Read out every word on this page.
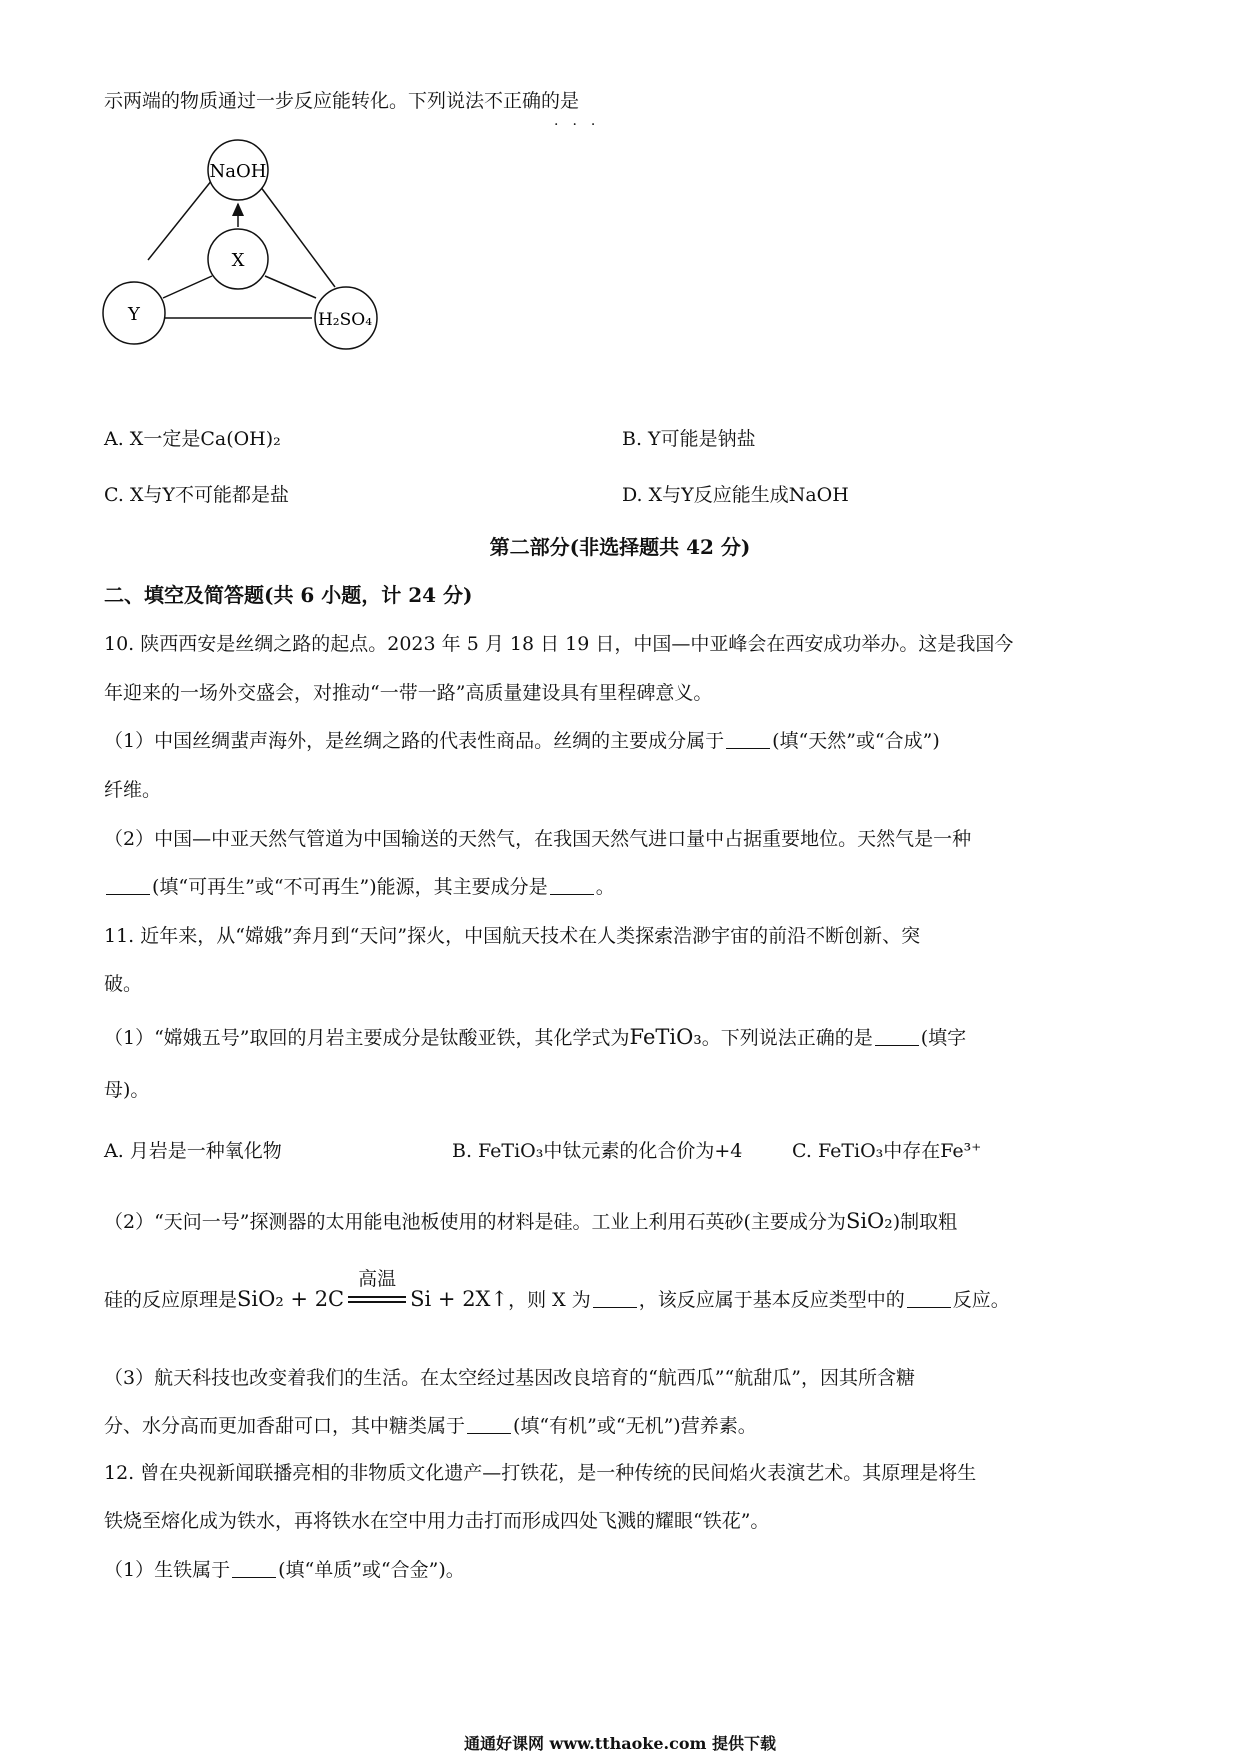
示两端的物质通过一步反应能转化。下列说法不正确的是
···
NaOH
X
Y	H₂SO₄
A. X一定是Ca(OH)₂	B. Y可能是钠盐
C. X与Y不可能都是盐	D. X与Y反应能生成NaOH
第二部分(非选择题共 42 分)
二、填空及简答题(共 6 小题，计 24 分)
10. 陕西西安是丝绸之路的起点。2023 年 5 月 18 日 19 日，中国—中亚峰会在西安成功举办。这是我国今
年迎来的一场外交盛会，对推动“一带一路”高质量建设具有里程碑意义。
（1）中国丝绸蜚声海外，是丝绸之路的代表性商品。丝绸的主要成分属于	(填“天然”或“合成”)
纤维。
（2）中国—中亚天然气管道为中国输送的天然气，在我国天然气进口量中占据重要地位。天然气是一种
(填“可再生”或“不可再生”)能源，其主要成分是	。
11. 近年来，从“嫦娥”奔月到“天问”探火，中国航天技术在人类探索浩渺宇宙的前沿不断创新、突
破。
（1）“嫦娥五号”取回的月岩主要成分是钛酸亚铁，其化学式为FeTiO₃。下列说法正确的是	(填字
母)。
A. 月岩是一种氧化物	B. FeTiO₃中钛元素的化合价为+4	C. FeTiO₃中存在Fe³⁺
（2）“天问一号”探测器的太用能电池板使用的材料是硅。工业上利用石英砂(主要成分为SiO₂)制取粗
硅的反应原理是SiO₂ + 2C
高温
Si + 2X↑，则 X 为	，该反应属于基本反应类型中的	反应。
（3）航天科技也改变着我们的生活。在太空经过基因改良培育的“航西瓜”“航甜瓜”，因其所含糖
分、水分高而更加香甜可口，其中糖类属于	(填“有机”或“无机”)营养素。
12. 曾在央视新闻联播亮相的非物质文化遗产—打铁花，是一种传统的民间焰火表演艺术。其原理是将生
铁烧至熔化成为铁水，再将铁水在空中用力击打而形成四处飞溅的耀眼“铁花”。
（1）生铁属于	(填“单质”或“合金”)。
通通好课网 www.tthaoke.com 提供下载
